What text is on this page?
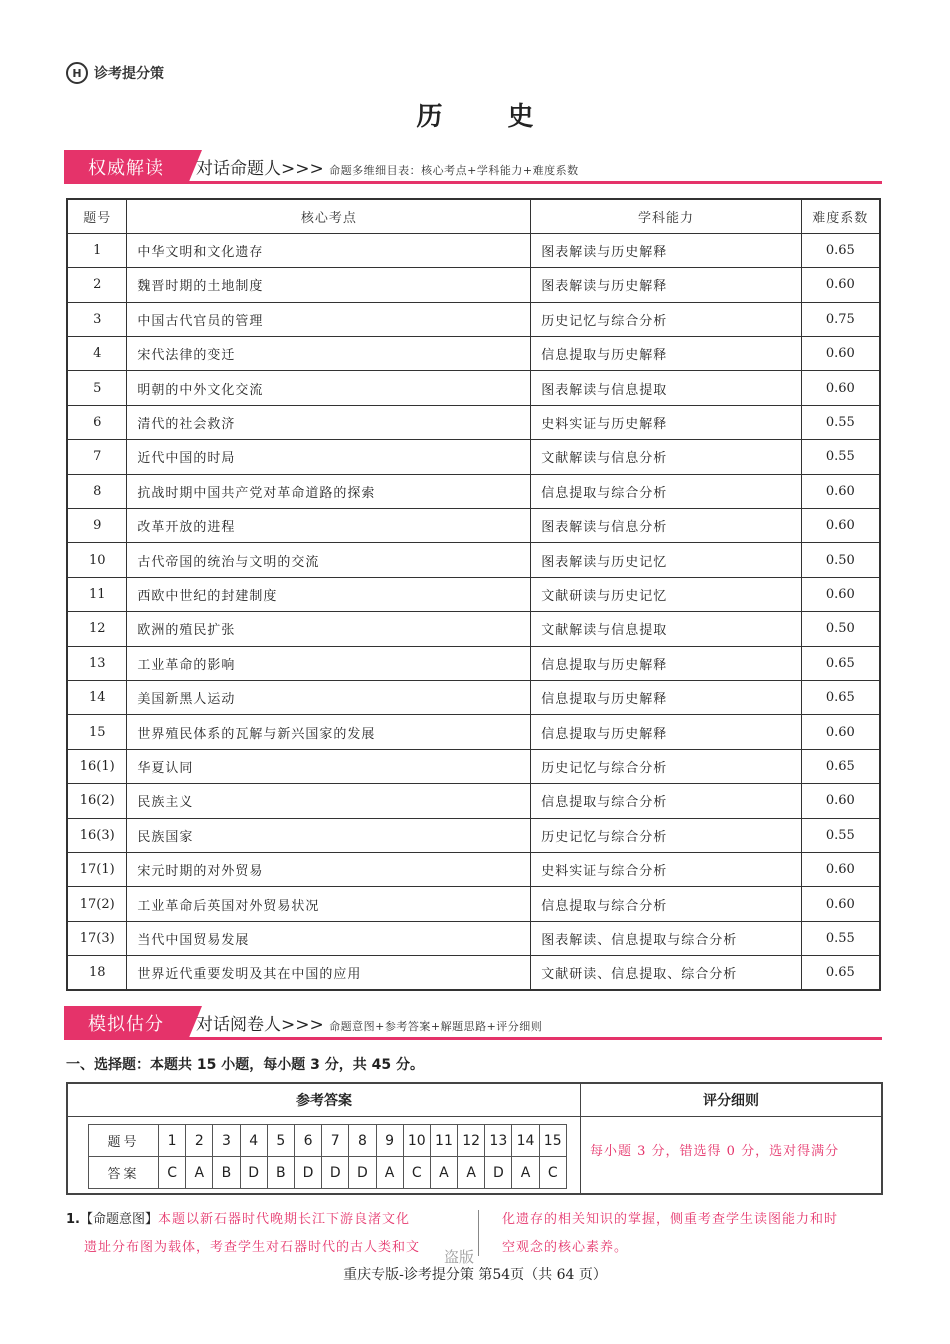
H 诊考提分策
历 史
权威解读	对话命题人>>> 命题多维细目表：核心考点+学科能力+难度系数
题号	核心考点	学科能力	难度系数
1	中华文明和文化遗存	图表解读与历史解释	0.65
2	魏晋时期的土地制度	图表解读与历史解释	0.60
3	中国古代官员的管理	历史记忆与综合分析	0.75
4	宋代法律的变迁	信息提取与历史解释	0.60
5	明朝的中外文化交流	图表解读与信息提取	0.60
6	清代的社会救济	史料实证与历史解释	0.55
7	近代中国的时局	文献解读与信息分析	0.55
8	抗战时期中国共产党对革命道路的探索	信息提取与综合分析	0.60
9	改革开放的进程	图表解读与信息分析	0.60
10	古代帝国的统治与文明的交流	图表解读与历史记忆	0.50
11	西欧中世纪的封建制度	文献研读与历史记忆	0.60
12	欧洲的殖民扩张	文献解读与信息提取	0.50
13	工业革命的影响	信息提取与历史解释	0.65
14	美国新黑人运动	信息提取与历史解释	0.65
15	世界殖民体系的瓦解与新兴国家的发展	信息提取与历史解释	0.60
16(1)	华夏认同	历史记忆与综合分析	0.65
16(2)	民族主义	信息提取与综合分析	0.60
16(3)	民族国家	历史记忆与综合分析	0.55
17(1)	宋元时期的对外贸易	史料实证与综合分析	0.60
17(2)	工业革命后英国对外贸易状况	信息提取与综合分析	0.60
17(3)	当代中国贸易发展	图表解读、信息提取与综合分析	0.55
18	世界近代重要发明及其在中国的应用	文献研读、信息提取、综合分析	0.65
模拟估分	对话阅卷人>>> 命题意图+参考答案+解题思路+评分细则
一、选择题：本题共 15 小题，每小题 3 分，共 45 分。
参考答案	评分细则
题号	1	2	3	4	5	6	7	8	9	10	11	12	13	14	15
答案	C	A	B	D	B	D	D	D	A	C	A	A	D	A	C
每小题 3 分，错选得 0 分，选对得满分
1.【命题意图】本题以新石器时代晚期长江下游良渚文化	化遗存的相关知识的掌握，侧重考查学生读图能力和时
遗址分布图为载体，考查学生对石器时代的古人类和文	空观念的核心素养。
盗版
重庆专版-诊考提分策 第54页（共 64 页）
